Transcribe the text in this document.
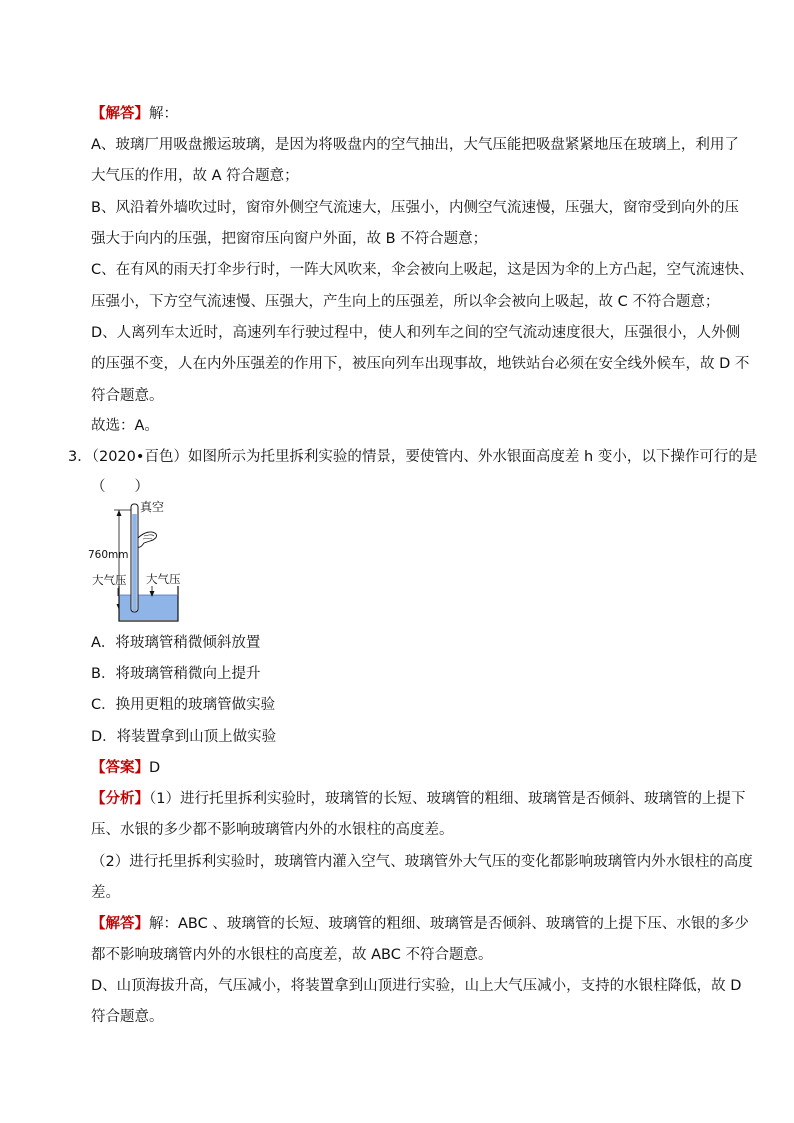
【解答】解：
A、玻璃厂用吸盘搬运玻璃，是因为将吸盘内的空气抽出，大气压能把吸盘紧紧地压在玻璃上，利用了
大气压的作用，故 A 符合题意；
B、风沿着外墙吹过时，窗帘外侧空气流速大，压强小，内侧空气流速慢，压强大，窗帘受到向外的压
强大于向内的压强，把窗帘压向窗户外面，故 B 不符合题意；
C、在有风的雨天打伞步行时，一阵大风吹来，伞会被向上吸起，这是因为伞的上方凸起，空气流速快、
压强小，下方空气流速慢、压强大，产生向上的压强差，所以伞会被向上吸起，故 C 不符合题意；
D、人离列车太近时，高速列车行驶过程中，使人和列车之间的空气流动速度很大，压强很小，人外侧
的压强不变，人在内外压强差的作用下，被压向列车出现事故，地铁站台必须在安全线外候车，故 D 不
符合题意。
故选：A。
3．（2020•百色）如图所示为托里拆利实验的情景，要使管内、外水银面高度差 h 变小，以下操作可行的是
（　　）
真空
760mm
大气压 大气压
A．将玻璃管稍微倾斜放置
B．将玻璃管稍微向上提升
C．换用更粗的玻璃管做实验
D．将装置拿到山顶上做实验
【答案】D
【分析】（1）进行托里拆利实验时，玻璃管的长短、玻璃管的粗细、玻璃管是否倾斜、玻璃管的上提下
压、水银的多少都不影响玻璃管内外的水银柱的高度差。
（2）进行托里拆利实验时，玻璃管内灌入空气、玻璃管外大气压的变化都影响玻璃管内外水银柱的高度
差。
【解答】解：ABC 、玻璃管的长短、玻璃管的粗细、玻璃管是否倾斜、玻璃管的上提下压、水银的多少
都不影响玻璃管内外的水银柱的高度差，故 ABC 不符合题意。
D、山顶海拔升高，气压减小，将装置拿到山顶进行实验，山上大气压减小，支持的水银柱降低，故 D
符合题意。
